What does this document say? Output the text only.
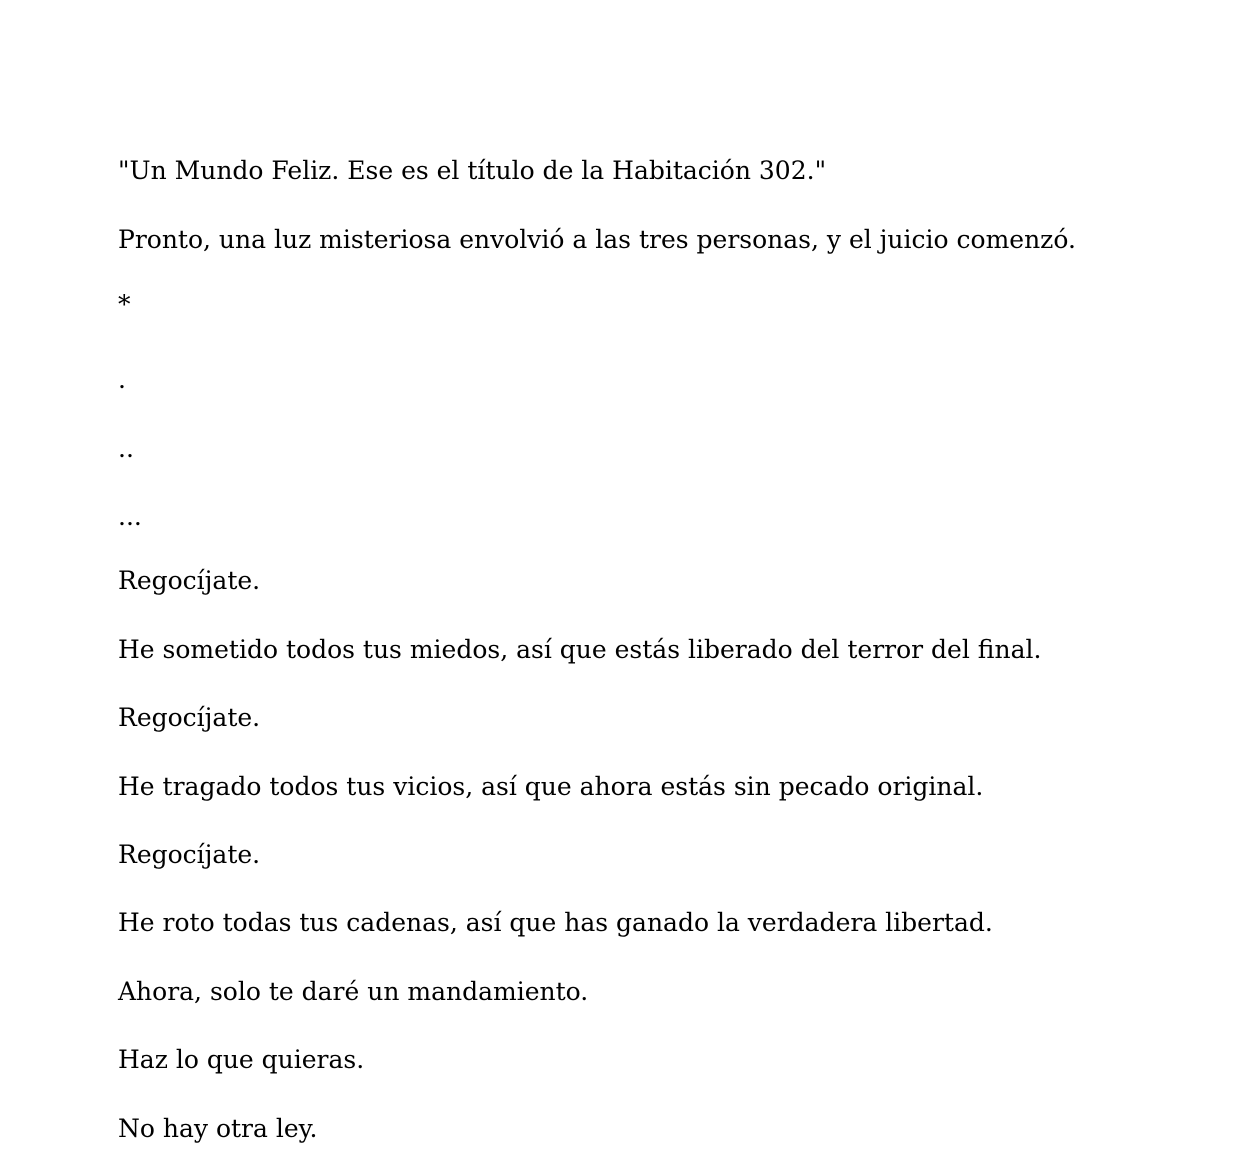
"Un Mundo Feliz. Ese es el título de la Habitación 302."

Pronto, una luz misteriosa envolvió a las tres personas, y el juicio comenzó.

*

.

..

...

Regocíjate.

He sometido todos tus miedos, así que estás liberado del terror del final.

Regocíjate.

He tragado todos tus vicios, así que ahora estás sin pecado original.

Regocíjate.

He roto todas tus cadenas, así que has ganado la verdadera libertad.

Ahora, solo te daré un mandamiento.

Haz lo que quieras.

No hay otra ley.
